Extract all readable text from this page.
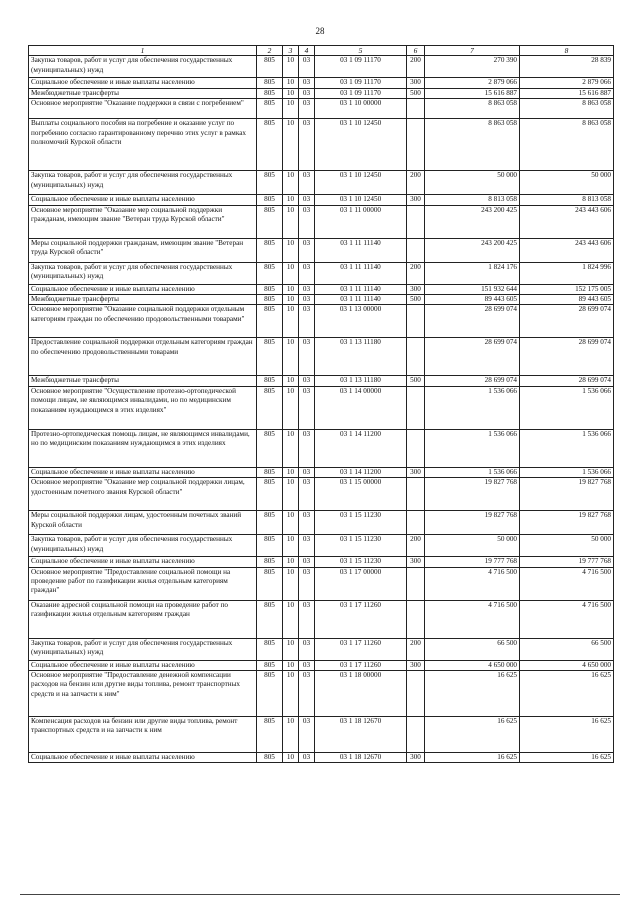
28
1	2	3	4	5	6	7	8
Закупка товаров, работ и услуг для обеспечения государственных (муниципальных) нужд	805	10	03	03 1 09 11170	200	270 390	28 839
Социальное обеспечение и иные выплаты населению	805	10	03	03 1 09 11170	300	2 879 066	2 879 066
Межбюджетные трансферты	805	10	03	03 1 09 11170	500	15 616 887	15 616 887
Основное мероприятие "Оказание поддержки в связи с погребением"	805	10	03	03 1 10 00000		8 863 058	8 863 058
Выплаты социального пособия на погребение и оказание услуг по погребению согласно гарантированному перечню этих услуг в рамках полномочий Курской области	805	10	03	03 1 10 12450		8 863 058	8 863 058
Закупка товаров, работ и услуг для обеспечения государственных (муниципальных) нужд	805	10	03	03 1 10 12450	200	50 000	50 000
Социальное обеспечение и иные выплаты населению	805	10	03	03 1 10 12450	300	8 813 058	8 813 058
Основное мероприятие "Оказание мер социальной поддержки гражданам, имеющим звание "Ветеран труда Курской области"	805	10	03	03 1 11 00000		243 200 425	243 443 606
Меры социальной поддержки гражданам, имеющим звание "Ветеран труда Курской области"	805	10	03	03 1 11 11140		243 200 425	243 443 606
Закупка товаров, работ и услуг для обеспечения государственных (муниципальных) нужд	805	10	03	03 1 11 11140	200	1 824 176	1 824 996
Социальное обеспечение и иные выплаты населению	805	10	03	03 1 11 11140	300	151 932 644	152 175 005
Межбюджетные трансферты	805	10	03	03 1 11 11140	500	89 443 605	89 443 605
Основное мероприятие "Оказание социальной поддержки отдельным категориям граждан по обеспечению продовольственными товарами"	805	10	03	03 1 13 00000		28 699 074	28 699 074
Предоставление социальной поддержки отдельным категориям граждан по обеспечению продовольственными товарами	805	10	03	03 1 13 11180		28 699 074	28 699 074
Межбюджетные трансферты	805	10	03	03 1 13 11180	500	28 699 074	28 699 074
Основное мероприятие "Осуществление протезно-ортопедической помощи лицам, не являющимся инвалидами, но по медицинским показаниям нуждающимся в этих изделиях"	805	10	03	03 1 14 00000		1 536 066	1 536 066
Протезно-ортопедическая помощь лицам, не являющимся инвалидами, но по медицинским показаниям нуждающимся в этих изделиях	805	10	03	03 1 14 11200		1 536 066	1 536 066
Социальное обеспечение и иные выплаты населению	805	10	03	03 1 14 11200	300	1 536 066	1 536 066
Основное мероприятие "Оказание мер социальной поддержки лицам, удостоенным почетного звания Курской области"	805	10	03	03 1 15 00000		19 827 768	19 827 768
Меры социальной поддержки лицам, удостоенным почетных званий Курской области	805	10	03	03 1 15 11230		19 827 768	19 827 768
Закупка товаров, работ и услуг для обеспечения государственных (муниципальных) нужд	805	10	03	03 1 15 11230	200	50 000	50 000
Социальное обеспечение и иные выплаты населению	805	10	03	03 1 15 11230	300	19 777 768	19 777 768
Основное мероприятие "Предоставление социальной помощи на проведение работ по газификации жилья отдельным категориям граждан"	805	10	03	03 1 17 00000		4 716 500	4 716 500
Оказание адресной социальной помощи на проведение работ по газификации жилья отдельным категориям граждан	805	10	03	03 1 17 11260		4 716 500	4 716 500
Закупка товаров, работ и услуг для обеспечения государственных (муниципальных) нужд	805	10	03	03 1 17 11260	200	66 500	66 500
Социальное обеспечение и иные выплаты населению	805	10	03	03 1 17 11260	300	4 650 000	4 650 000
Основное мероприятие "Предоставление денежной компенсации расходов на бензин или другие виды топлива, ремонт транспортных средств и на запчасти к ним"	805	10	03	03 1 18 00000		16 625	16 625
Компенсация расходов на бензин или другие виды топлива, ремонт транспортных средств и на запчасти к ним	805	10	03	03 1 18 12670		16 625	16 625
Социальное обеспечение и иные выплаты населению	805	10	03	03 1 18 12670	300	16 625	16 625
